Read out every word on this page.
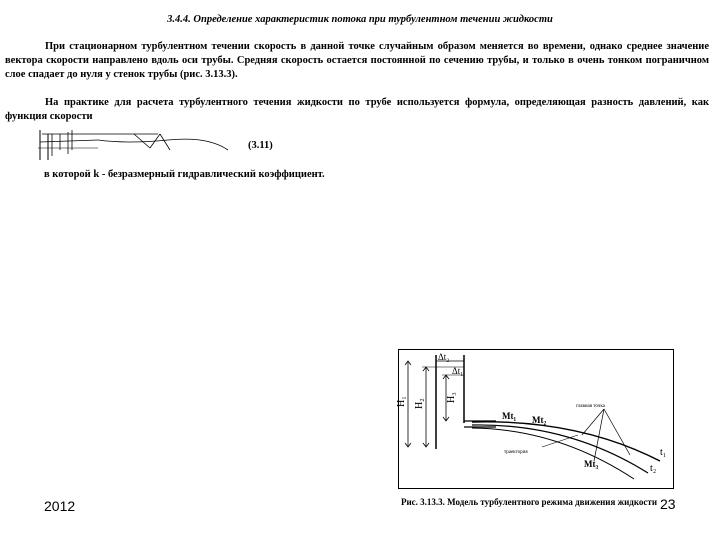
3.4.4. Определение характеристик потока при турбулентном течении жидкости
При стационарном турбулентном течении скорость в данной точке случайным образом меняется во времени, однако среднее значение вектора скорости направлено вдоль оси трубы. Средняя скорость остается постоянной по сечению трубы, и только в очень тонком пограничном слое спадает до нуля у стенок трубы (рис. 3.13.3).
На практике для расчета турбулентного течения жидкости по трубе используется формула, определяющая разность давлений, как функция скорости
(3.11)
в которой k - безразмерный гидравлический коэффициент.
Δt₂
Δt₁
H₁ H₂
H₃
Mt₁ Mt₂
Mt₃
t₁
t₂
главная точка
траектория
Рис. 3.13.3. Модель турбулентного режима движения жидкости
2012	23
